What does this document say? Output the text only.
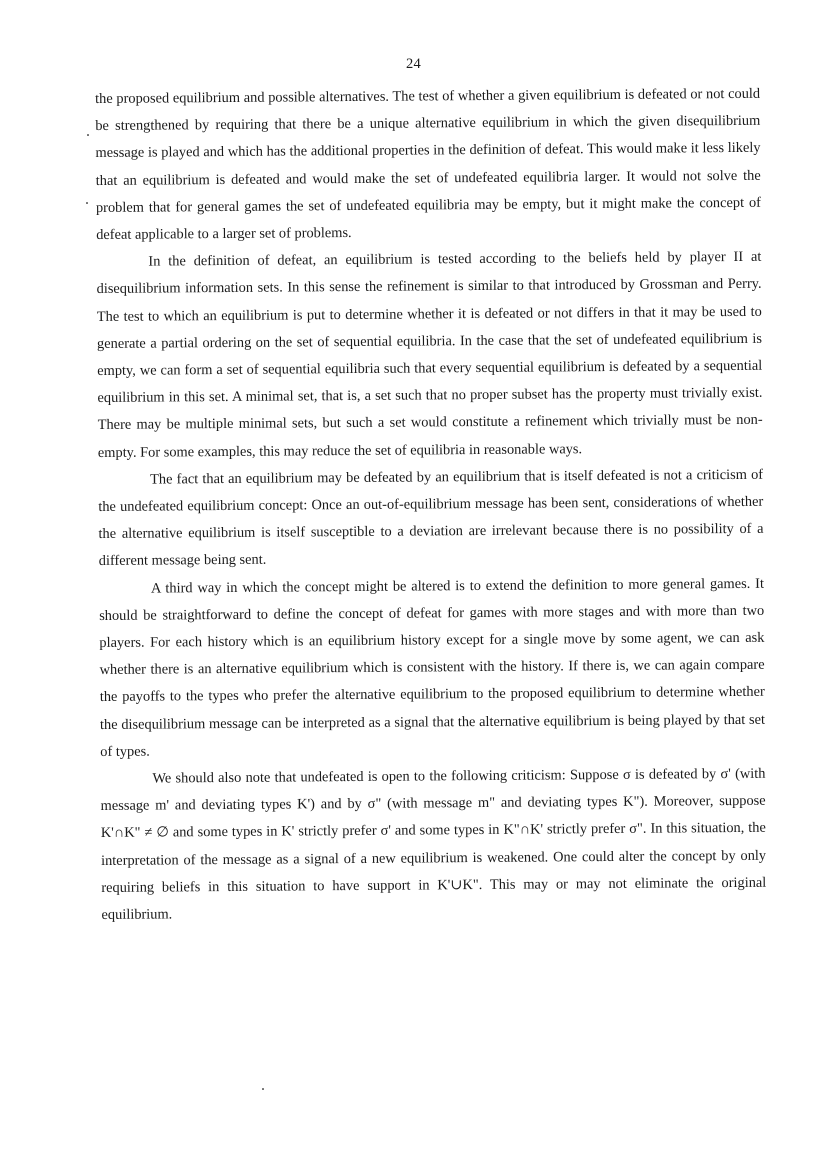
24

the proposed equilibrium and possible alternatives. The test of whether a given equilibrium is defeated or not could be strengthened by requiring that there be a unique alternative equilibrium in which the given disequilibrium message is played and which has the additional properties in the definition of defeat. This would make it less likely that an equilibrium is defeated and would make the set of undefeated equilibria larger. It would not solve the problem that for general games the set of undefeated equilibria may be empty, but it might make the concept of defeat applicable to a larger set of problems.

In the definition of defeat, an equilibrium is tested according to the beliefs held by player II at disequilibrium information sets. In this sense the refinement is similar to that introduced by Grossman and Perry. The test to which an equilibrium is put to determine whether it is defeated or not differs in that it may be used to generate a partial ordering on the set of sequential equilibria. In the case that the set of undefeated equilibrium is empty, we can form a set of sequential equilibria such that every sequential equilibrium is defeated by a sequential equilibrium in this set. A minimal set, that is, a set such that no proper subset has the property must trivially exist. There may be multiple minimal sets, but such a set would constitute a refinement which trivially must be non-empty. For some examples, this may reduce the set of equilibria in reasonable ways.

The fact that an equilibrium may be defeated by an equilibrium that is itself defeated is not a criticism of the undefeated equilibrium concept: Once an out-of-equilibrium message has been sent, considerations of whether the alternative equilibrium is itself susceptible to a deviation are irrelevant because there is no possibility of a different message being sent.

A third way in which the concept might be altered is to extend the definition to more general games. It should be straightforward to define the concept of defeat for games with more stages and with more than two players. For each history which is an equilibrium history except for a single move by some agent, we can ask whether there is an alternative equilibrium which is consistent with the history. If there is, we can again compare the payoffs to the types who prefer the alternative equilibrium to the proposed equilibrium to determine whether the disequilibrium message can be interpreted as a signal that the alternative equilibrium is being played by that set of types.

We should also note that undefeated is open to the following criticism: Suppose σ is defeated by σ' (with message m' and deviating types K') and by σ" (with message m" and deviating types K"). Moreover, suppose K'∩K" ≠ ∅ and some types in K' strictly prefer σ' and some types in K"∩K' strictly prefer σ". In this situation, the interpretation of the message as a signal of a new equilibrium is weakened. One could alter the concept by only requiring beliefs in this situation to have support in K'∪K". This may or may not eliminate the original equilibrium.
